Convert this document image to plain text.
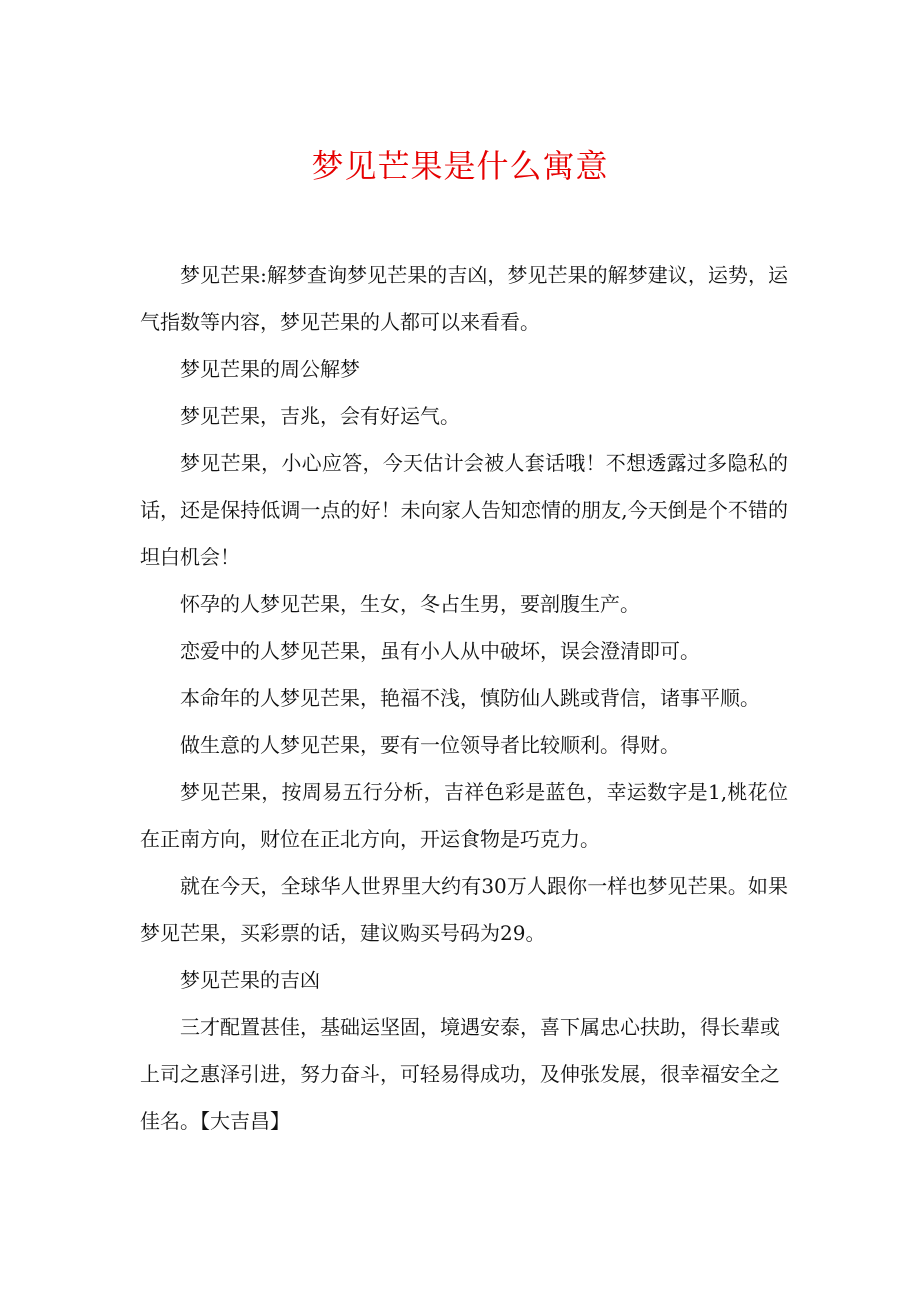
梦见芒果是什么寓意

梦见芒果:解梦查询梦见芒果的吉凶，梦见芒果的解梦建议，运势，运气指数等内容，梦见芒果的人都可以来看看。

梦见芒果的周公解梦

梦见芒果，吉兆，会有好运气。

梦见芒果，小心应答，今天估计会被人套话哦！不想透露过多隐私的话，还是保持低调一点的好！未向家人告知恋情的朋友,今天倒是个不错的坦白机会！

怀孕的人梦见芒果，生女，冬占生男，要剖腹生产。

恋爱中的人梦见芒果，虽有小人从中破坏，误会澄清即可。

本命年的人梦见芒果，艳福不浅，慎防仙人跳或背信，诸事平顺。

做生意的人梦见芒果，要有一位领导者比较顺利。得财。

梦见芒果，按周易五行分析，吉祥色彩是蓝色，幸运数字是1,桃花位在正南方向，财位在正北方向，开运食物是巧克力。

就在今天，全球华人世界里大约有30万人跟你一样也梦见芒果。如果梦见芒果，买彩票的话，建议购买号码为29。

梦见芒果的吉凶

三才配置甚佳，基础运坚固，境遇安泰，喜下属忠心扶助，得长辈或上司之惠泽引进，努力奋斗，可轻易得成功，及伸张发展，很幸福安全之佳名。【大吉昌】
